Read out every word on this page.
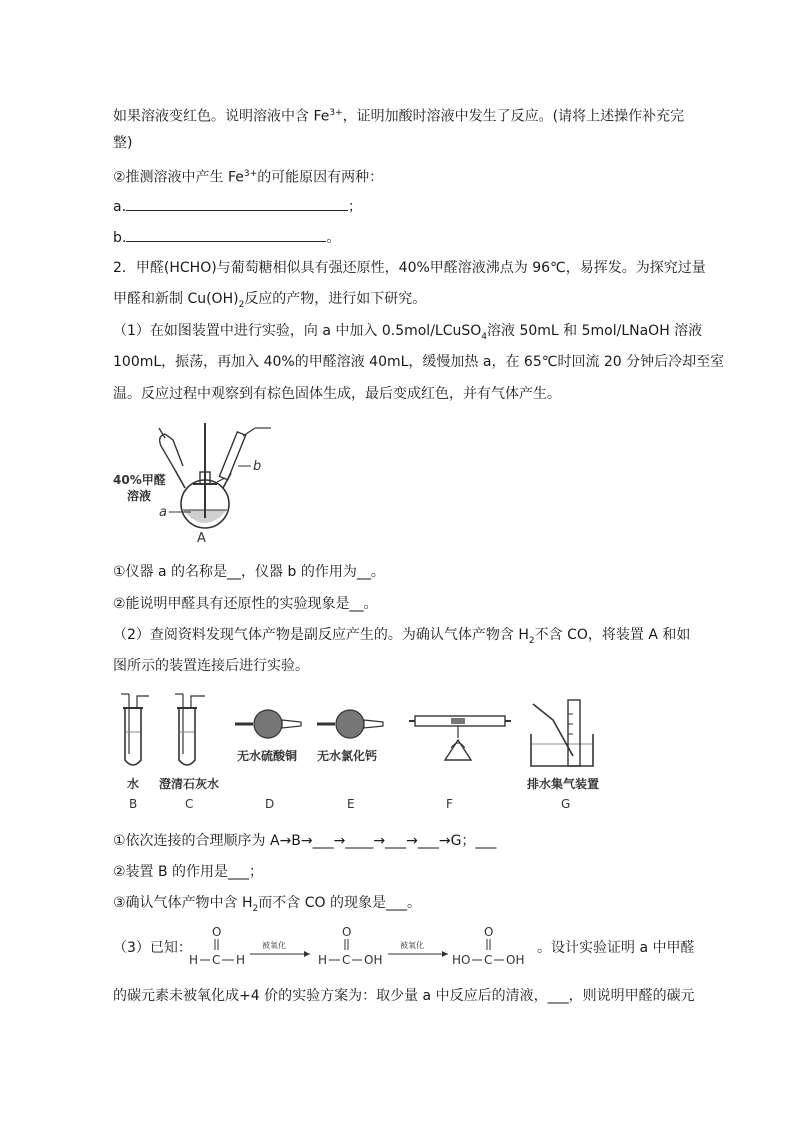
如果溶液变红色。说明溶液中含 $Fe^{3+}$，证明加酸时溶液中发生了反应。(请将上述操作补充完
整)
②推测溶液中产生 $Fe^{3+}$的可能原因有两种：
a.	；
b.	。
2．甲醛(HCHO)与葡萄糖相似具有强还原性，40%甲醛溶液沸点为 96℃，易挥发。为探究过量
甲醛和新制 $Cu(OH)_2$反应的产物，进行如下研究。
（1）在如图装置中进行实验，向 a 中加入 0.5mol/LCuSO$_4$溶液 50mL 和 5mol/LNaOH 溶液
100mL，振荡，再加入 40%的甲醛溶液 40mL，缓慢加热 a，在 65℃时回流 20 分钟后冷却至室
温。反应过程中观察到有棕色固体生成，最后变成红色，并有气体产生。
40%甲醛
溶液
a
b
A
①仪器 a 的名称是__，仪器 b 的作用为__。
②能说明甲醛具有还原性的实验现象是__。
（2）查阅资料发现气体产物是副反应产生的。为确认气体产物含 $H_2$不含 CO，将装置 A 和如
图所示的装置连接后进行实验。
水
B
澄清石灰水
C
无水硫酸铜
D
无水氯化钙
E	F
排水集气装置
G
①依次连接的合理顺序为 A→B→___→____→___→___→G；___
②装置 B 的作用是___；
③确认气体产物中含 $H_2$而不含 CO 的现象是___。
（3）已知：
O
H C H
被氧化
O
H C OH
被氧化
O
HO C OH
。设计实验证明 a 中甲醛
的碳元素未被氧化成+4 价的实验方案为：取少量 a 中反应后的清液，___，则说明甲醛的碳元
